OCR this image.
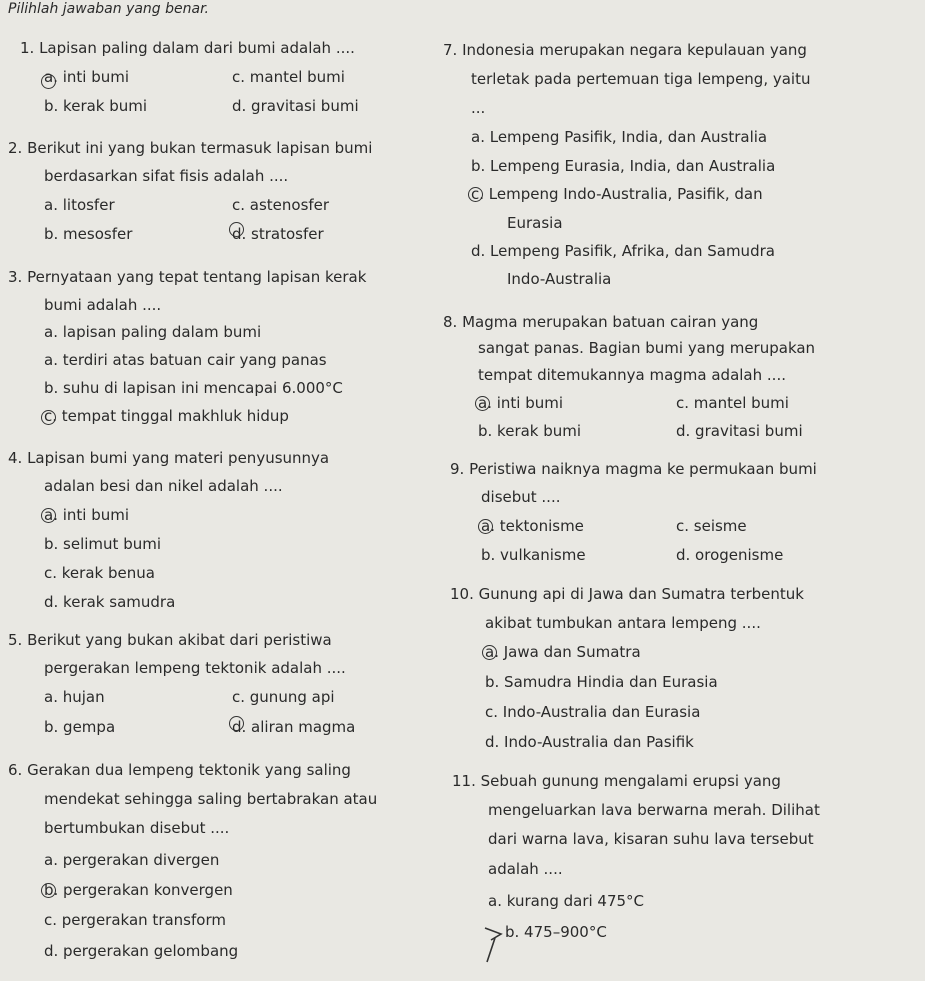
Pilihlah jawaban yang benar.
1. Lapisan paling dalam dari bumi adalah ....
a. inti bumi	c. mantel bumi
b. kerak bumi	d. gravitasi bumi
2. Berikut ini yang bukan termasuk lapisan bumi
berdasarkan sifat fisis adalah ....
a. litosfer	c. astenosfer
b. mesosfer	d. stratosfer
3. Pernyataan yang tepat tentang lapisan kerak
bumi adalah ....
a. lapisan paling dalam bumi
a. terdiri atas batuan cair yang panas
b. suhu di lapisan ini mencapai 6.000°C
c. tempat tinggal makhluk hidup
4. Lapisan bumi yang materi penyusunnya
adalan besi dan nikel adalah ....
a. inti bumi
b. selimut bumi
c. kerak benua
d. kerak samudra
5. Berikut yang bukan akibat dari peristiwa
pergerakan lempeng tektonik adalah ....
a. hujan	c. gunung api
b. gempa	d. aliran magma
6. Gerakan dua lempeng tektonik yang saling
mendekat sehingga saling bertabrakan atau
bertumbukan disebut ....
a. pergerakan divergen
b. pergerakan konvergen
c. pergerakan transform
d. pergerakan gelombang
7. Indonesia merupakan negara kepulauan yang
terletak pada pertemuan tiga lempeng, yaitu
...
a. Lempeng Pasifik, India, dan Australia
b. Lempeng Eurasia, India, dan Australia
c. Lempeng Indo-Australia, Pasifik, dan
Eurasia
d. Lempeng Pasifik, Afrika, dan Samudra
Indo-Australia
8. Magma merupakan batuan cairan yang
sangat panas. Bagian bumi yang merupakan
tempat ditemukannya magma adalah ....
a. inti bumi	c. mantel bumi
b. kerak bumi	d. gravitasi bumi
9. Peristiwa naiknya magma ke permukaan bumi
disebut ....
a. tektonisme	c. seisme
b. vulkanisme	d. orogenisme
10. Gunung api di Jawa dan Sumatra terbentuk
akibat tumbukan antara lempeng ....
a. Jawa dan Sumatra
b. Samudra Hindia dan Eurasia
c. Indo-Australia dan Eurasia
d. Indo-Australia dan Pasifik
11. Sebuah gunung mengalami erupsi yang
mengeluarkan lava berwarna merah. Dilihat
dari warna lava, kisaran suhu lava tersebut
adalah ....
a. kurang dari 475°C
b. 475–900°C
